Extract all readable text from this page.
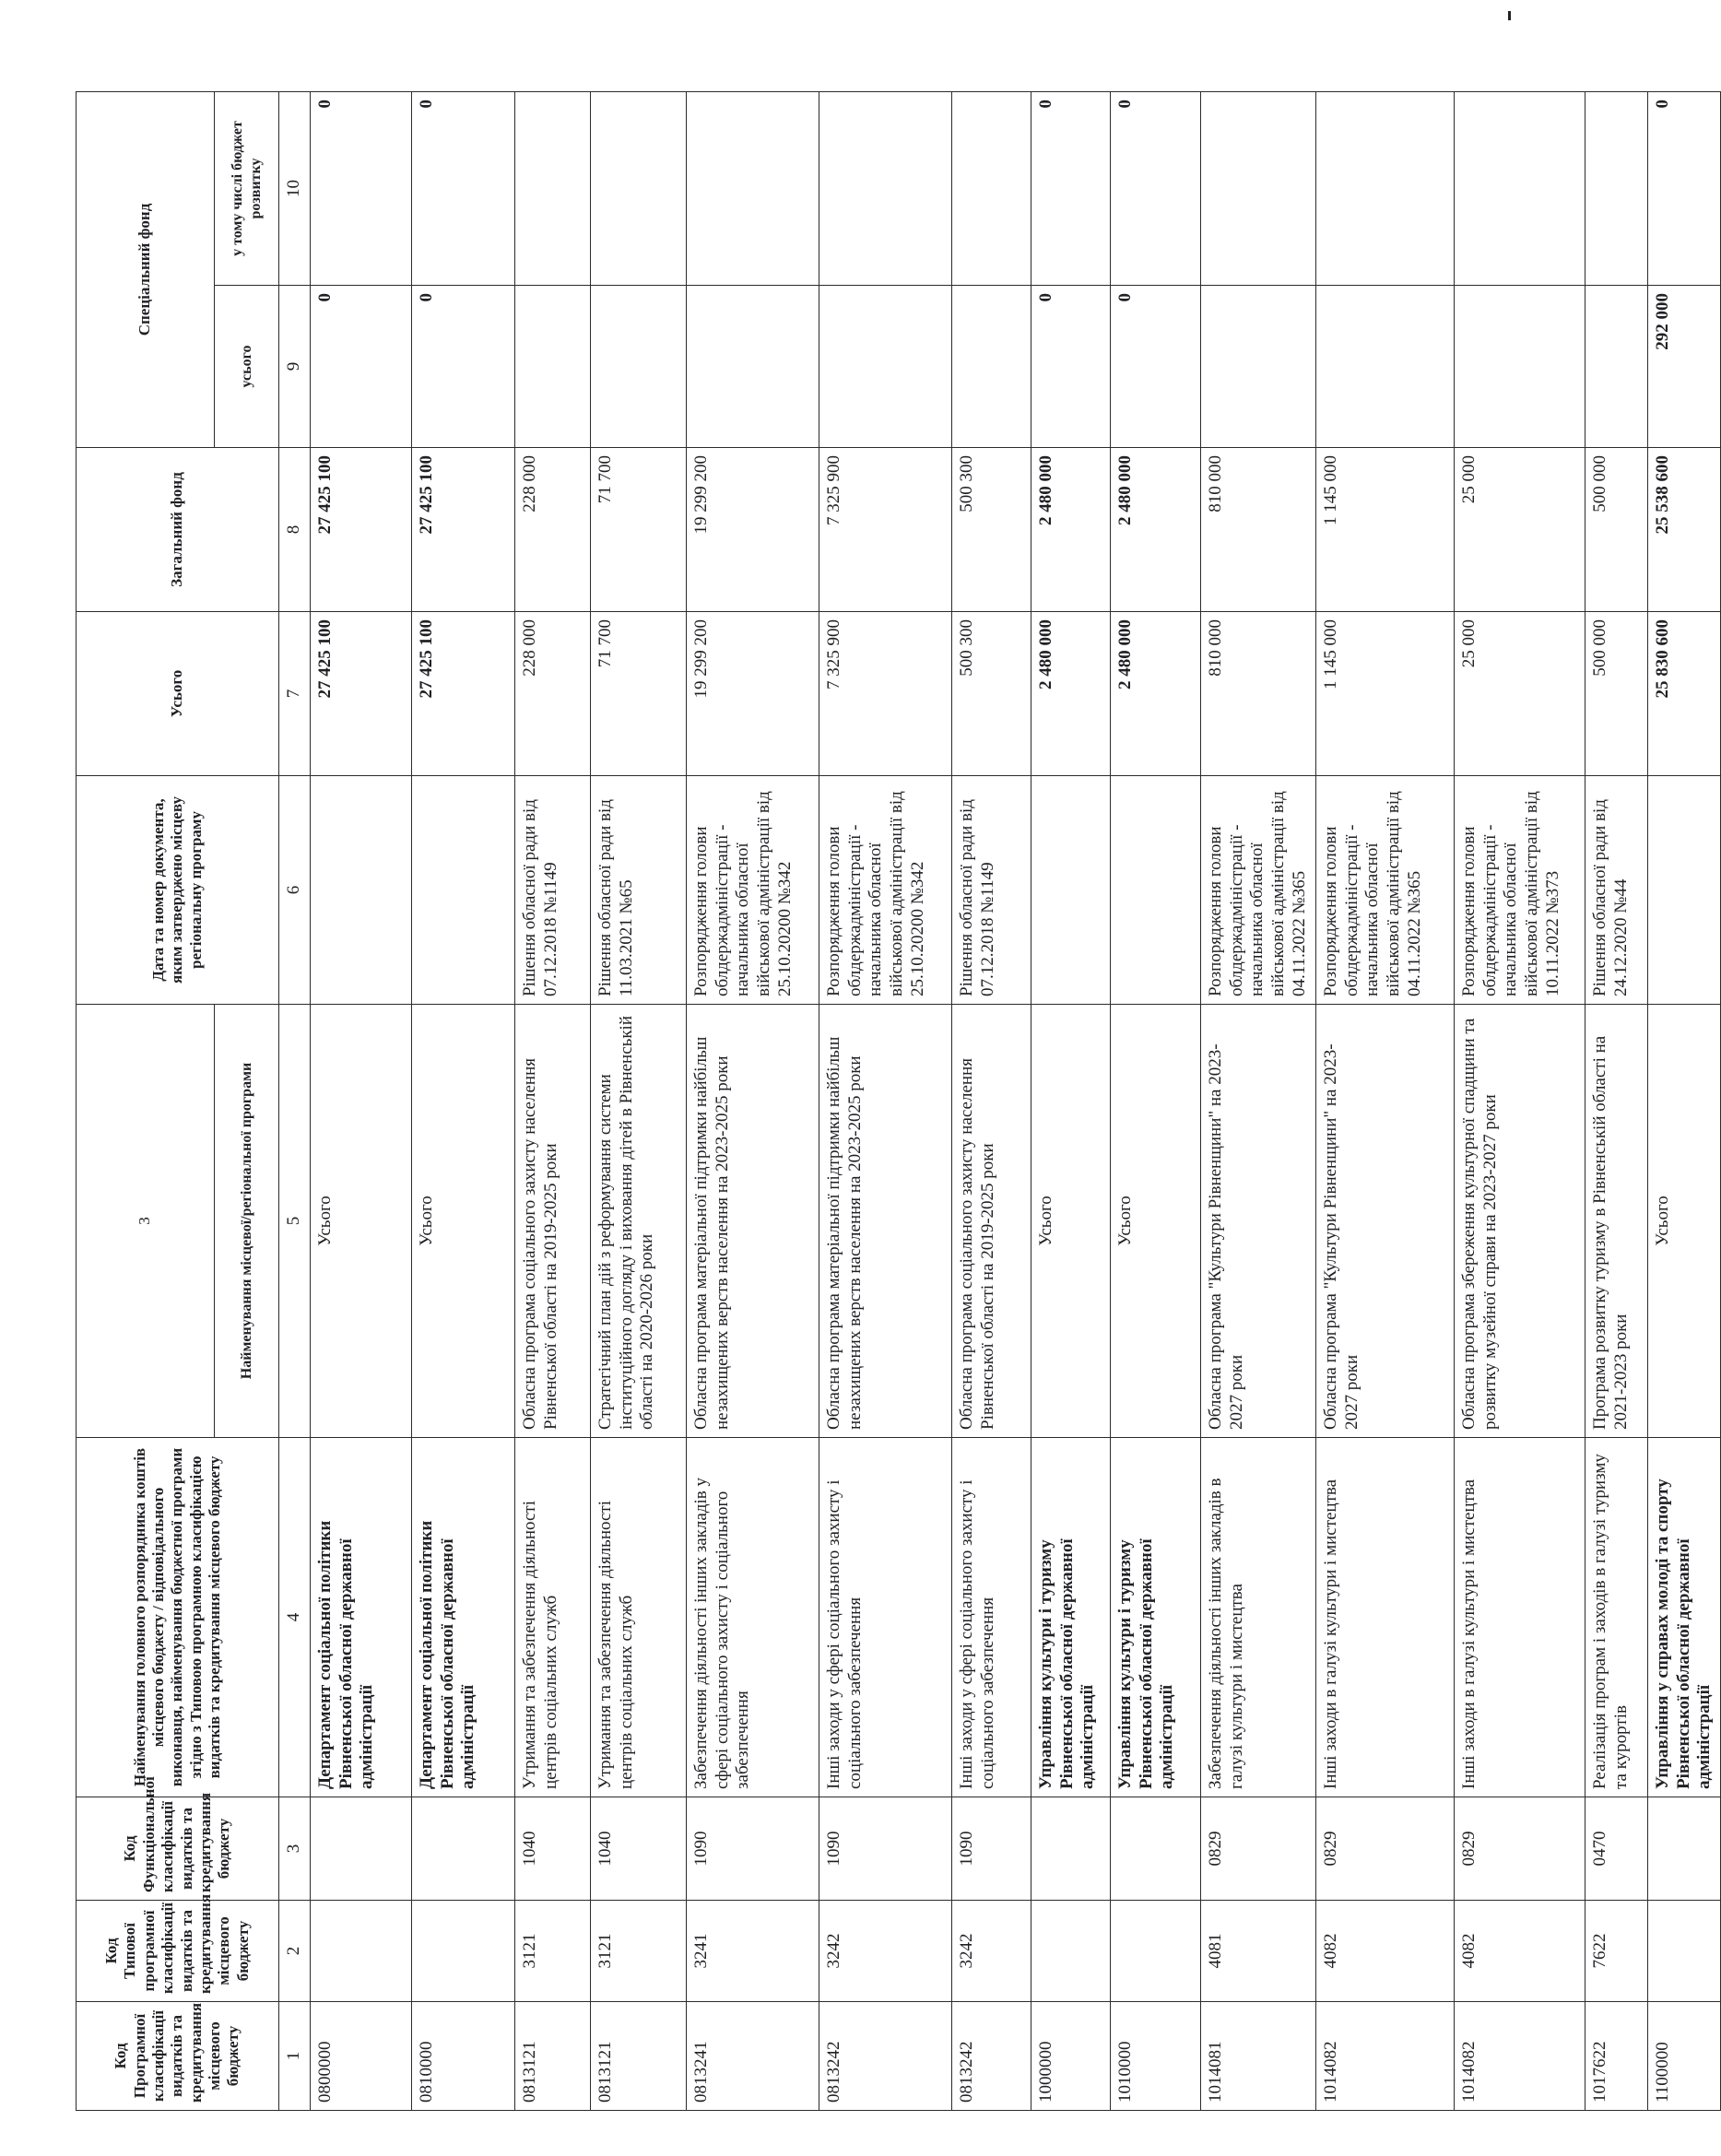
Код Програмної класифікації видатків та кредитування місцевого бюджету	Код Типової програмної класифікації видатків та кредитування місцевого бюджету	Код Функціональної класифікації видатків та кредитування бюджету	Найменування головного розпорядника коштів місцевого бюджету / відповідального виконавця, найменування бюджетної програми згідно з Типовою програмною класифікацією видатків та кредитування місцевого бюджету	3	Дата та номер документа, яким затверджено місцеву регіональну програму	Усього	Загальний фонд	Спеціальний фонд	
				Найменування місцевої/регіональної програми				усього	у тому числі бюджет розвитку

1	2	3	4	5	6	7	8	9	10
0800000			Департамент соціальної політики Рівненської обласної державної адміністрації	Усього		27 425 100	27 425 100	0	0
0810000			Департамент соціальної політики Рівненської обласної державної адміністрації	Усього		27 425 100	27 425 100	0	0
0813121	3121	1040	Утримання та забезпечення діяльності центрів соціальних служб	Обласна програма соціального захисту населення Рівненської області на 2019-2025 роки	Рішення обласної ради від 07.12.2018 №1149	228 000	228 000		
0813121	3121	1040	Утримання та забезпечення діяльності центрів соціальних служб	Стратегічний план дій з реформування системи інституційного догляду і виховання дітей в Рівненській області на 2020-2026 роки	Рішення обласної ради від 11.03.2021 №65	71 700	71 700		
0813241	3241	1090	Забезпечення діяльності інших закладів у сфері соціального захисту і соціального забезпечення	Обласна програма матеріальної підтримки найбільш незахищених верств населення на 2023-2025 роки	Розпорядження голови облдержадміністрації - начальника обласної військової адміністрації від 25.10.20200 №342	19 299 200	19 299 200		
0813242	3242	1090	Інші заходи у сфері соціального захисту і соціального забезпечення	Обласна програма матеріальної підтримки найбільш незахищених верств населення на 2023-2025 роки	Розпорядження голови облдержадміністрації - начальника обласної військової адміністрації від 25.10.20200 №342	7 325 900	7 325 900		
0813242	3242	1090	Інші заходи у сфері соціального захисту і соціального забезпечення	Обласна програма соціального захисту населення Рівненської області на 2019-2025 роки	Рішення обласної ради від 07.12.2018 №1149	500 300	500 300		
1000000			Управління культури і туризму Рівненської обласної державної адміністрації	Усього		2 480 000	2 480 000	0	0
1010000			Управління культури і туризму Рівненської обласної державної адміністрації	Усього		2 480 000	2 480 000	0	0
1014081	4081	0829	Забезпечення діяльності інших закладів в галузі культури і мистецтва	Обласна програма "Культури Рівненщини" на 2023-2027 роки	Розпорядження голови облдержадміністрації - начальника обласної військової адміністрації від 04.11.2022 №365	810 000	810 000		
1014082	4082	0829	Інші заходи в галузі культури і мистецтва	Обласна програма "Культури Рівненщини" на 2023-2027 роки	Розпорядження голови облдержадміністрації - начальника обласної військової адміністрації від 04.11.2022 №365	1 145 000	1 145 000		
1014082	4082	0829	Інші заходи в галузі культури і мистецтва	Обласна програма збереження культурної спадщини та розвитку музейної справи на 2023-2027 роки	Розпорядження голови облдержадміністрації - начальника обласної військової адміністрації від 10.11.2022 №373	25 000	25 000		
1017622	7622	0470	Реалізація програм і заходів в галузі туризму та курортів	Програма розвитку туризму в Рівненській області на 2021-2023 роки	Рішення обласної ради від 24.12.2020 №44	500 000	500 000		
1100000			Управління у справах молоді та спорту Рівненської обласної державної адміністрації	Усього		25 830 600	25 538 600	292 000	0
